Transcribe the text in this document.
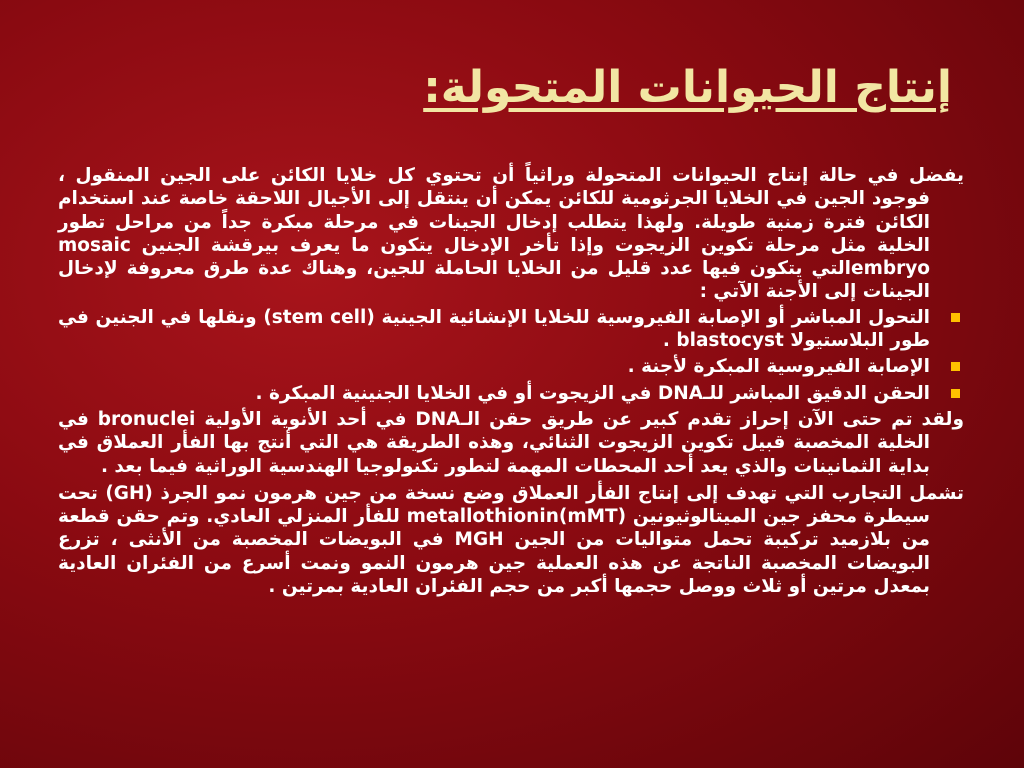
إنتاج الحيوانات المتحولة:

يفضل في حالة إنتاج الحيوانات المتحولة وراثياً أن تحتوي كل خلايا الكائن على الجين المنقول ، فوجود الجين في الخلايا الجرثومية للكائن يمكن أن ينتقل إلى الأجيال اللاحقة خاصة عند استخدام الكائن فترة زمنية طويلة. ولهذا يتطلب إدخال الجينات في مرحلة مبكرة جداً من مراحل تطور الخلية مثل مرحلة تكوين الزيجوت وإذا تأخر الإدخال يتكون ما يعرف بيرقشة الجنين mosaic embryoالتي يتكون فيها عدد قليل من الخلايا الحاملة للجين، وهناك عدة طرق معروفة لإدخال الجينات إلى الأجنة الآتي :

التحول المباشر أو الإصابة الفيروسية للخلايا الإنشائية الجينية (stem cell) ونقلها في الجنين في طور البلاستيولا blastocyst .
الإصابة الفيروسية المبكرة لأجنة .
الحقن الدقيق المباشر للـDNA في الزيجوت أو في الخلايا الجنينية المبكرة .

ولقد تم حتى الآن إحراز تقدم كبير عن طريق حقن الـDNA في أحد الأنوية الأولية bronuclei في الخلية المخصبة قبيل تكوين الزيجوت الثنائي، وهذه الطريقة هي التي أنتج بها الفأر العملاق في بداية الثمانينات والذي يعد أحد المحطات المهمة لتطور تكنولوجيا الهندسية الوراثية فيما بعد .

تشمل التجارب التي تهدف إلى إنتاج الفأر العملاق وضع نسخة من جين هرمون نمو الجرذ (GH) تحت سيطرة محفز جين الميتالوثيونين metallothionin(mMT) للفأر المنزلي العادي. وتم حقن قطعة من بلازميد تركيبة تحمل متواليات من الجين MGH في البويضات المخصبة من الأنثى ، تزرع البويضات المخصبة الناتجة عن هذه العملية جين هرمون النمو ونمت أسرع من الفئران العادية بمعدل مرتين أو ثلاث ووصل حجمها أكبر من حجم الفئران العادية بمرتين .
